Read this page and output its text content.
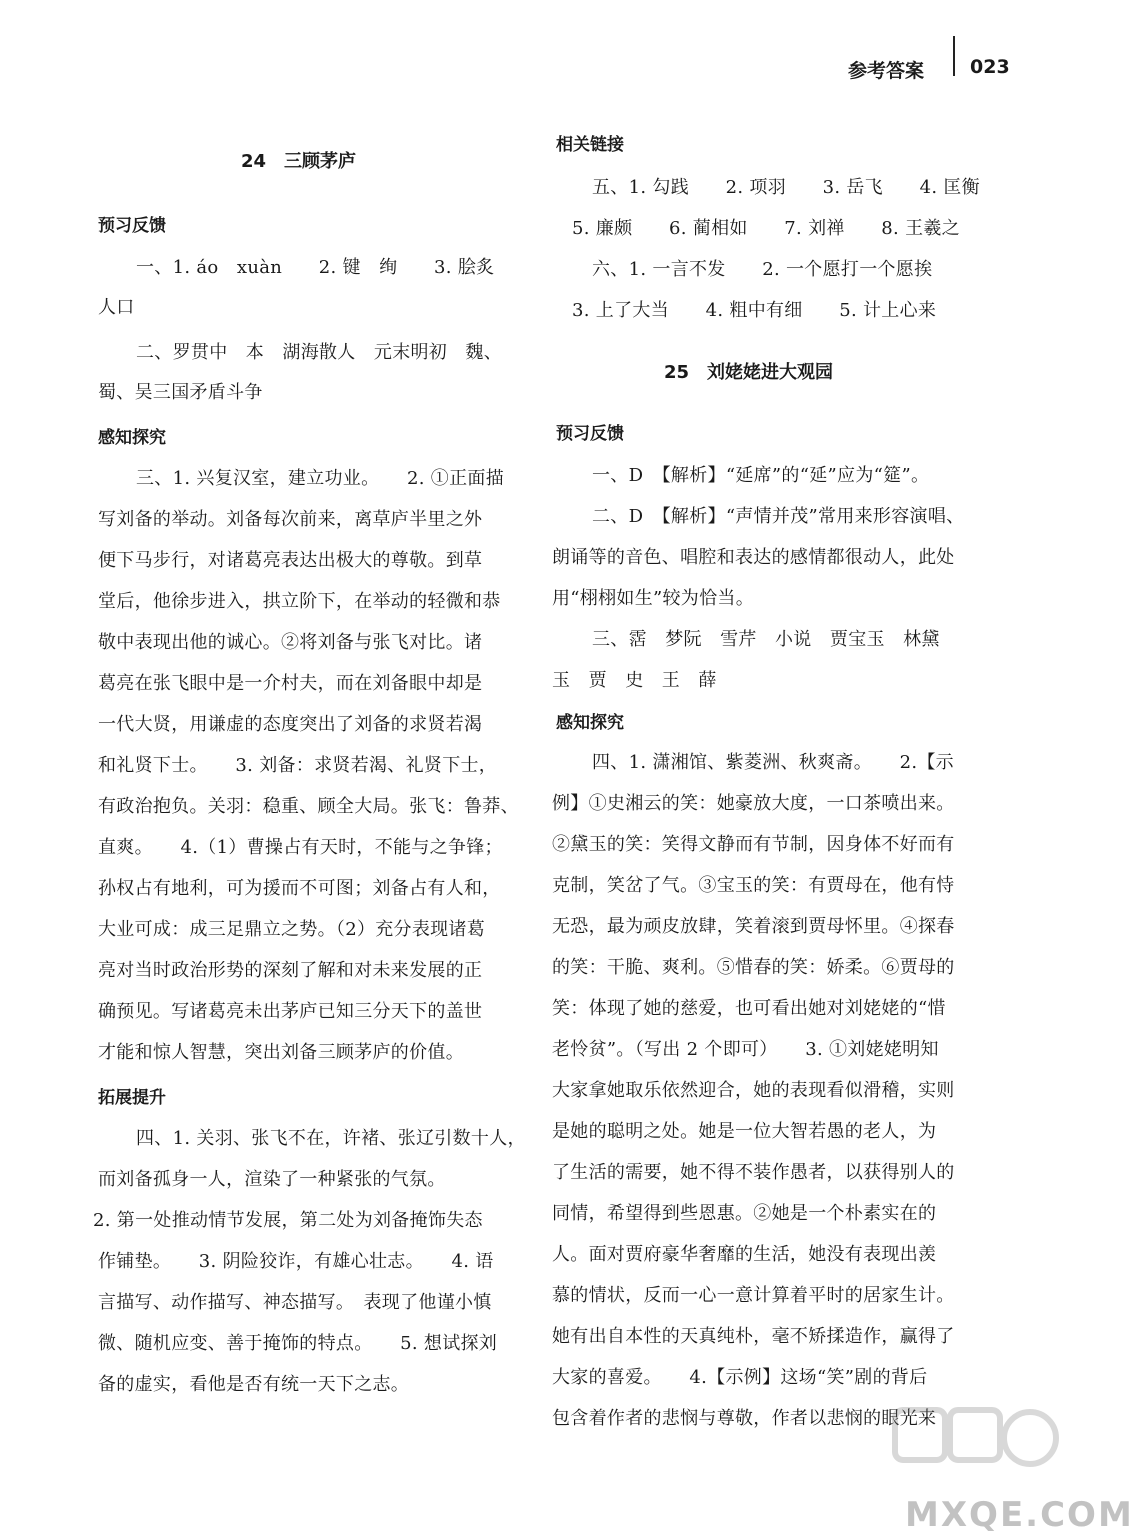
参考答案 023
24　三顾茅庐
预习反馈
一、1. áo　xuàn　　2. 键　绚　　3. 脍炙
人口
二、罗贯中　本　湖海散人　元末明初　魏、
蜀、吴三国矛盾斗争
感知探究
三、1. 兴复汉室，建立功业。　　2. ①正面描
写刘备的举动。刘备每次前来，离草庐半里之外
便下马步行，对诸葛亮表达出极大的尊敬。到草
堂后，他徐步进入，拱立阶下，在举动的轻微和恭
敬中表现出他的诚心。②将刘备与张飞对比。诸
葛亮在张飞眼中是一介村夫，而在刘备眼中却是
一代大贤，用谦虚的态度突出了刘备的求贤若渴
和礼贤下士。　　3. 刘备：求贤若渴、礼贤下士，
有政治抱负。关羽：稳重、顾全大局。张飞：鲁莽、
直爽。　　4.（1）曹操占有天时，不能与之争锋；
孙权占有地利，可为援而不可图；刘备占有人和，
大业可成：成三足鼎立之势。（2）充分表现诸葛
亮对当时政治形势的深刻了解和对未来发展的正
确预见。写诸葛亮未出茅庐已知三分天下的盖世
才能和惊人智慧，突出刘备三顾茅庐的价值。
拓展提升
四、1. 关羽、张飞不在，许褚、张辽引数十人，
而刘备孤身一人，渲染了一种紧张的气氛。
2. 第一处推动情节发展，第二处为刘备掩饰失态
作铺垫。　　3. 阴险狡诈，有雄心壮志。　　4. 语
言描写、动作描写、神态描写。　表现了他谨小慎
微、随机应变、善于掩饰的特点。　　5. 想试探刘
备的虚实，看他是否有统一天下之志。
相关链接
五、1. 勾践　　2. 项羽　　3. 岳飞　　4. 匡衡
5. 廉颇　　6. 蔺相如　　7. 刘禅　　8. 王羲之
六、1. 一言不发　　2. 一个愿打一个愿挨
3. 上了大当　　4. 粗中有细　　5. 计上心来
25　刘姥姥进大观园
预习反馈
一、D　【解析】“延席”的“延”应为“筵”。
二、D　【解析】“声情并茂”常用来形容演唱、
朗诵等的音色、唱腔和表达的感情都很动人，此处
用“栩栩如生”较为恰当。
三、霑　梦阮　雪芹　小说　贾宝玉　林黛
玉　贾　史　王　薛
感知探究
四、1. 潇湘馆、紫菱洲、秋爽斋。　　2.【示
例】①史湘云的笑：她豪放大度，一口茶喷出来。
②黛玉的笑：笑得文静而有节制，因身体不好而有
克制，笑岔了气。③宝玉的笑：有贾母在，他有恃
无恐，最为顽皮放肆，笑着滚到贾母怀里。④探春
的笑：干脆、爽利。⑤惜春的笑：娇柔。⑥贾母的
笑：体现了她的慈爱，也可看出她对刘姥姥的“惜
老怜贫”。（写出 2 个即可）　　3. ①刘姥姥明知
大家拿她取乐依然迎合，她的表现看似滑稽，实则
是她的聪明之处。她是一位大智若愚的老人，为
了生活的需要，她不得不装作愚者，以获得别人的
同情，希望得到些恩惠。②她是一个朴素实在的
人。面对贾府豪华奢靡的生活，她没有表现出羡
慕的情状，反而一心一意计算着平时的居家生计。
她有出自本性的天真纯朴，毫不矫揉造作，赢得了
大家的喜爱。　　4.【示例】这场“笑”剧的背后
包含着作者的悲悯与尊敬，作者以悲悯的眼光来
MXQE.COM
